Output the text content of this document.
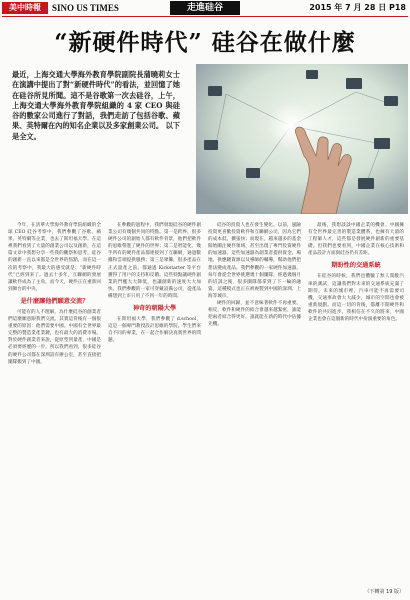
美中時報	SINO US TIMES	走進硅谷	2015 年 7 月 28 日 P18
“新硬件時代” 硅谷在做什麼
最近，上海交通大學海外教育學院副院長蒲曉莉女士在演講中提出了對“新硬件時代”的看法，並回憶了她在硅谷所見所聞。這不是谷歌第一次去硅谷，上午，上海交通大學海外教育學院組織的 4 家 CEO 與硅谷的數家公司進行了對話，我們走訪了包括谷歌、蘋果、英特爾在內的知名企業以及多家創業公司。 以下是全文。

今年，在清華大學海外教育學院組織的全球 CEO 硅谷考察中，我們參觀了谷歌、蘋果、英特爾等企業，也去了斯坦福大學。在這裡我們看到了大量的創業公司以及創新，在這篇文章中我想分享一些我的觀察和思考。硅谷的創新一直以來都是全世界的焦點，而在這一次的考察中，我最大的感受就是：“新硬件時代”已經到來了。過去十多年，互聯網的發展讓軟件成為了主角，而今天，硬件正在重新回到舞台的中央。

是什麼讓他們願意交流？

可能有的人不理解，為什麼硅谷的創業者們這麼願意跟我們交流。其實這背後有一個很重要的原因：他們需要中國。中國有全世界最完整的製造業產業鏈，也有最大的消費市場。對於硬件創業者來說，從原型到量產，中國是必須要經歷的一步。所以我們看到，很多硅谷的硬件公司都在深圳設有辦公室，甚至直接把團隊搬到了中國。

在參觀的過程中，我們發現硅谷的硬件創業公司有幾個共同的特點。第一是跨界，很多硬件公司的創始人都有軟件背景，他們把軟件的思維帶進了硬件的世界；第二是智能化，幾乎所有的硬件產品都連接到了互聯網，通過數據和雲端提供服務；第三是眾籌，很多產品在正式量產之前，都通過 Kickstarter 等平台獲得了用戶的支持和反饋。這些特點讓硬件創業的門檻大大降低，也讓創新的速度大大加快。我們參觀的一家可穿戴設備公司，從產品構想到上市只用了不到一年的時間。

神奇的朝陽大學

在斯坦福大學，我們參觀了 d.school，這是一個專門教授設計思維的學院。學生們來自不同的專業，在一起合作解決真實世界的問題。

硅谷的投資人也在發生變化。以前，風險投資更喜歡投資軟件和互聯網公司，因為它們的成本低、擴張快；而現在，越來越多的基金開始關注硬件領域，甚至出現了專門投資硬件的加速器。這些加速器為創業者提供資金、場地、供應鏈資源以及導師的輔導，幫助他們把想法變成產品。我們參觀的一家硬件加速器，每年會從全世界挑選幾十個團隊，經過幾個月的培訓之後，很多團隊都拿到了下一輪的融資。這種模式也正在被複製到中國的深圳、上海等城市。

硬件的回歸，並不意味著軟件不再重要。相反，軟件和硬件的結合會越來越緊密，誰能把兩者結合得更好，誰就能在新的時代中佔據先機。

最後，我想談談中國企業的機會。中國擁有全世界最完善的製造業體系，也擁有大量的工程師人才，這些都是發展硬件創新的重要基礎。但我們也要看到，中國企業在核心技術和產品設計方面與硅谷仍有差距。

期盼性的交通系統

在硅谷的時候，我們也體驗了無人駕駛汽車的測試，這讓我們對未來的交通系統充滿了期待。未來的城市裡，汽車可能不再需要司機，交通事故會大大減少，城市的空間也會被重新規劃。而這一切的背後，都離不開硬件和軟件的共同進步。我相信在不久的將來，中國企業也會在這個新的時代中扮演重要的角色。

（下轉第 19 版）
